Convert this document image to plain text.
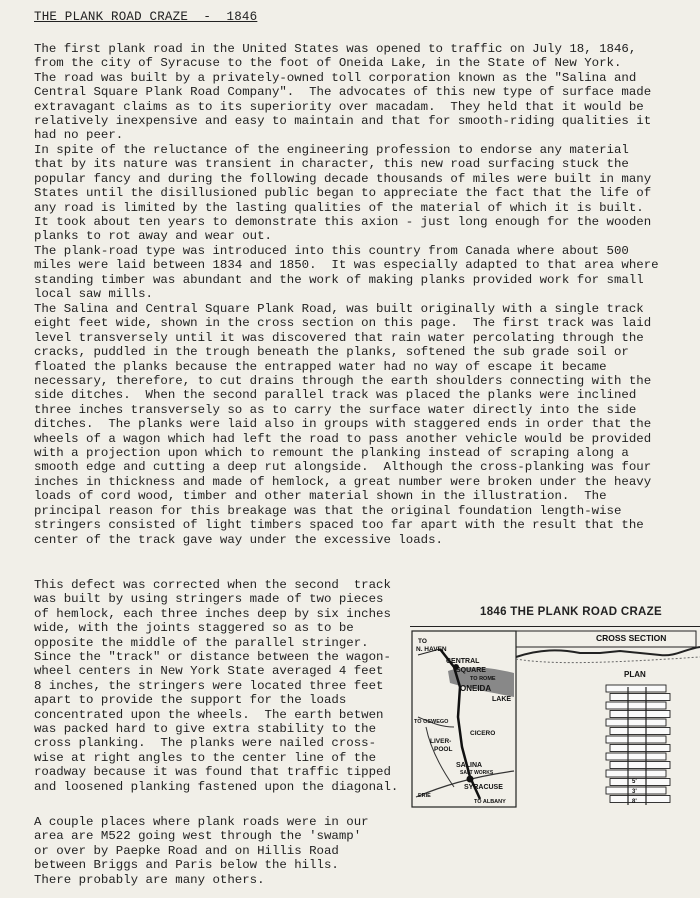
THE PLANK ROAD CRAZE  -  1846

The first plank road in the United States was opened to traffic on July 18, 1846,
from the city of Syracuse to the foot of Oneida Lake, in the State of New York.
The road was built by a privately-owned toll corporation known as the "Salina and
Central Square Plank Road Company".  The advocates of this new type of surface made
extravagant claims as to its superiority over macadam.  They held that it would be
relatively inexpensive and easy to maintain and that for smooth-riding qualities it
had no peer.

In spite of the reluctance of the engineering profession to endorse any material
that by its nature was transient in character, this new road surfacing stuck the
popular fancy and during the following decade thousands of miles were built in many
States until the disillusioned public began to appreciate the fact that the life of
any road is limited by the lasting qualities of the material of which it is built.
It took about ten years to demonstrate this axion - just long enough for the wooden
planks to rot away and wear out.

The plank-road type was introduced into this country from Canada where about 500
miles were laid between 1834 and 1850.  It was especially adapted to that area where
standing timber was abundant and the work of making planks provided work for small
local saw mills.

The Salina and Central Square Plank Road, was built originally with a single track
eight feet wide, shown in the cross section on this page.  The first track was laid
level transversely until it was discovered that rain water percolating through the
cracks, puddled in the trough beneath the planks, softened the sub grade soil or
floated the planks because the entrapped water had no way of escape it became
necessary, therefore, to cut drains through the earth shoulders connecting with the
side ditches.  When the second parallel track was placed the planks were inclined
three inches transversely so as to carry the surface water directly into the side
ditches.  The planks were laid also in groups with staggered ends in order that the
wheels of a wagon which had left the road to pass another vehicle would be provided
with a projection upon which to remount the planking instead of scraping along a
smooth edge and cutting a deep rut alongside.  Although the cross-planking was four
inches in thickness and made of hemlock, a great number were broken under the heavy
loads of cord wood, timber and other material shown in the illustration.  The
principal reason for this breakage was that the original foundation length-wise
stringers consisted of light timbers spaced too far apart with the result that the
center of the track gave way under the excessive loads.

This defect was corrected when the second  track
was built by using stringers made of two pieces
of hemlock, each three inches deep by six inches
wide, with the joints staggered so as to be
opposite the middle of the parallel stringer.
Since the "track" or distance between the wagon-
wheel centers in New York State averaged 4 feet
8 inches, the stringers were located three feet
apart to provide the support for the loads
concentrated upon the wheels.  The earth betwe⁣n
was packed hard to give extra stability to the
cross planking.  The planks were nailed cross-
wise at right angles to the center line of the
roadway because it was found that traffic tipped
and loosened planking fastened upon the diagonal.

A couple places where plank roads were in our
area are M522 going west through the 'swamp'
or over by Paepke Road and on Hillis Road
between Briggs and Paris below the hills.
There probably are many others.

1846 THE PLANK ROAD CRAZE
TO
N. HAVEN
CENTRAL
SQUARE
TO ROME
ONEIDA
LAKE
TO OSWEGO
CICERO
LIVER-
POOL
SALINA
SALT WORKS
SYRACUSE
TO ALBANY
ERIE
CROSS SECTION
PLAN
5'
3'
8'
